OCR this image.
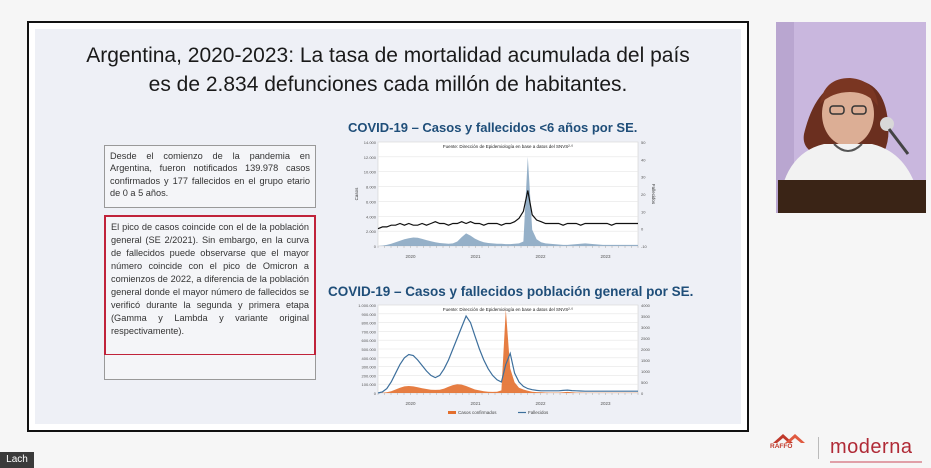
Argentina, 2020-2023: La tasa de mortalidad acumulada del país
es de 2.834 defunciones cada millón de habitantes.
Desde el comienzo de la pandemia en Argentina, fueron notificados 139.978 casos confirmados y 177 fallecidos en el grupo etario de 0 a 5 años.
El pico de casos coincide con el de la población general (SE 2/2021). Sin embargo, en la curva de fallecidos puede observarse que el mayor número coincide con el pico de Omicron a comienzos de 2022, a diferencia de la población general donde el mayor número de fallecidos se verificó durante la segunda y primera etapa (Gamma y Lambda y variante original respectivamente).
COVID-19 – Casos y fallecidos <6 años por SE.
14.000
12.000
10.000
8.000
6.000
4.000
2.000
0
50
40
30
20
10
0
-10
Casos	Fallecidos
Fuente: Dirección de Epidemiología en base a datos del SNVS²·⁰
2020	2021	2022	2023
COVID-19 – Casos y fallecidos población general por SE.
1.000.000
900.000
800.000
700.000
600.000
500.000
400.000
300.000
200.000
100.000
0
4000
3500
3000
2500
2000
1500
1000
500
0
Fuente: Dirección de Epidemiología en base a datos del SNVS²·⁰
2020	2021	2022	2023
Casos confirmados	Fallecidos
Lach
RAFFO moderna
